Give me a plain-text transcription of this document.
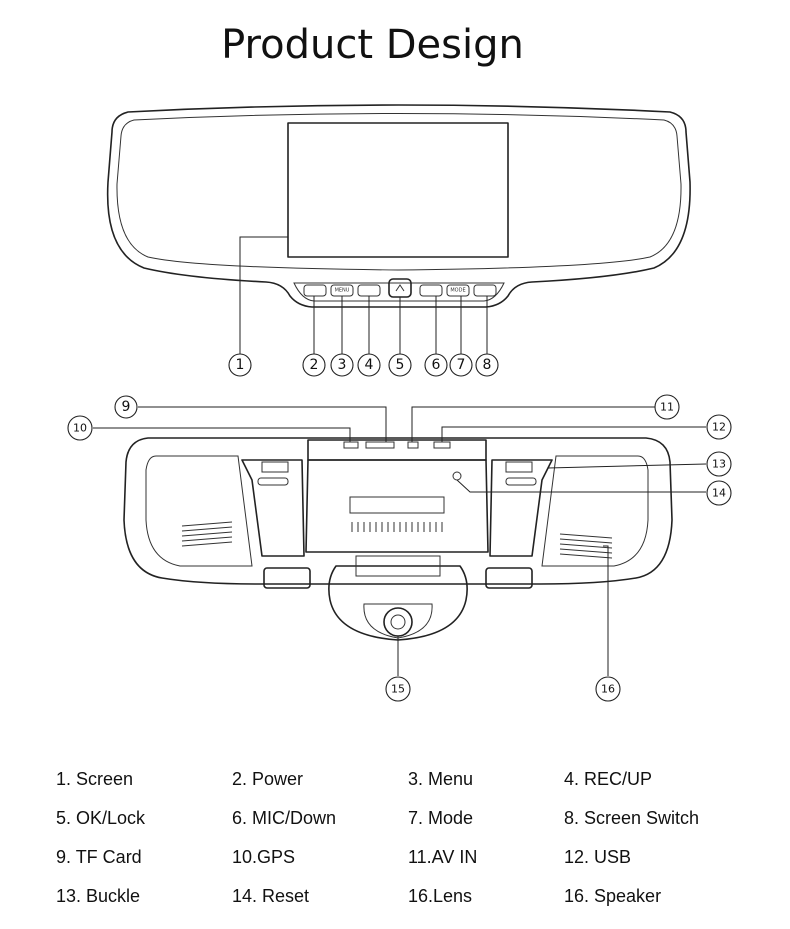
Product Design
MENU	MODE
1	2 3 4 5 6 7 8
9
10
11
12
13
14
15	16
1. Screen	2. Power	3. Menu	4. REC/UP
5. OK/Lock	6. MIC/Down	7. Mode	8. Screen Switch
9. TF Card	10.GPS	11.AV IN	12. USB
13. Buckle	14. Reset	16.Lens	16. Speaker
